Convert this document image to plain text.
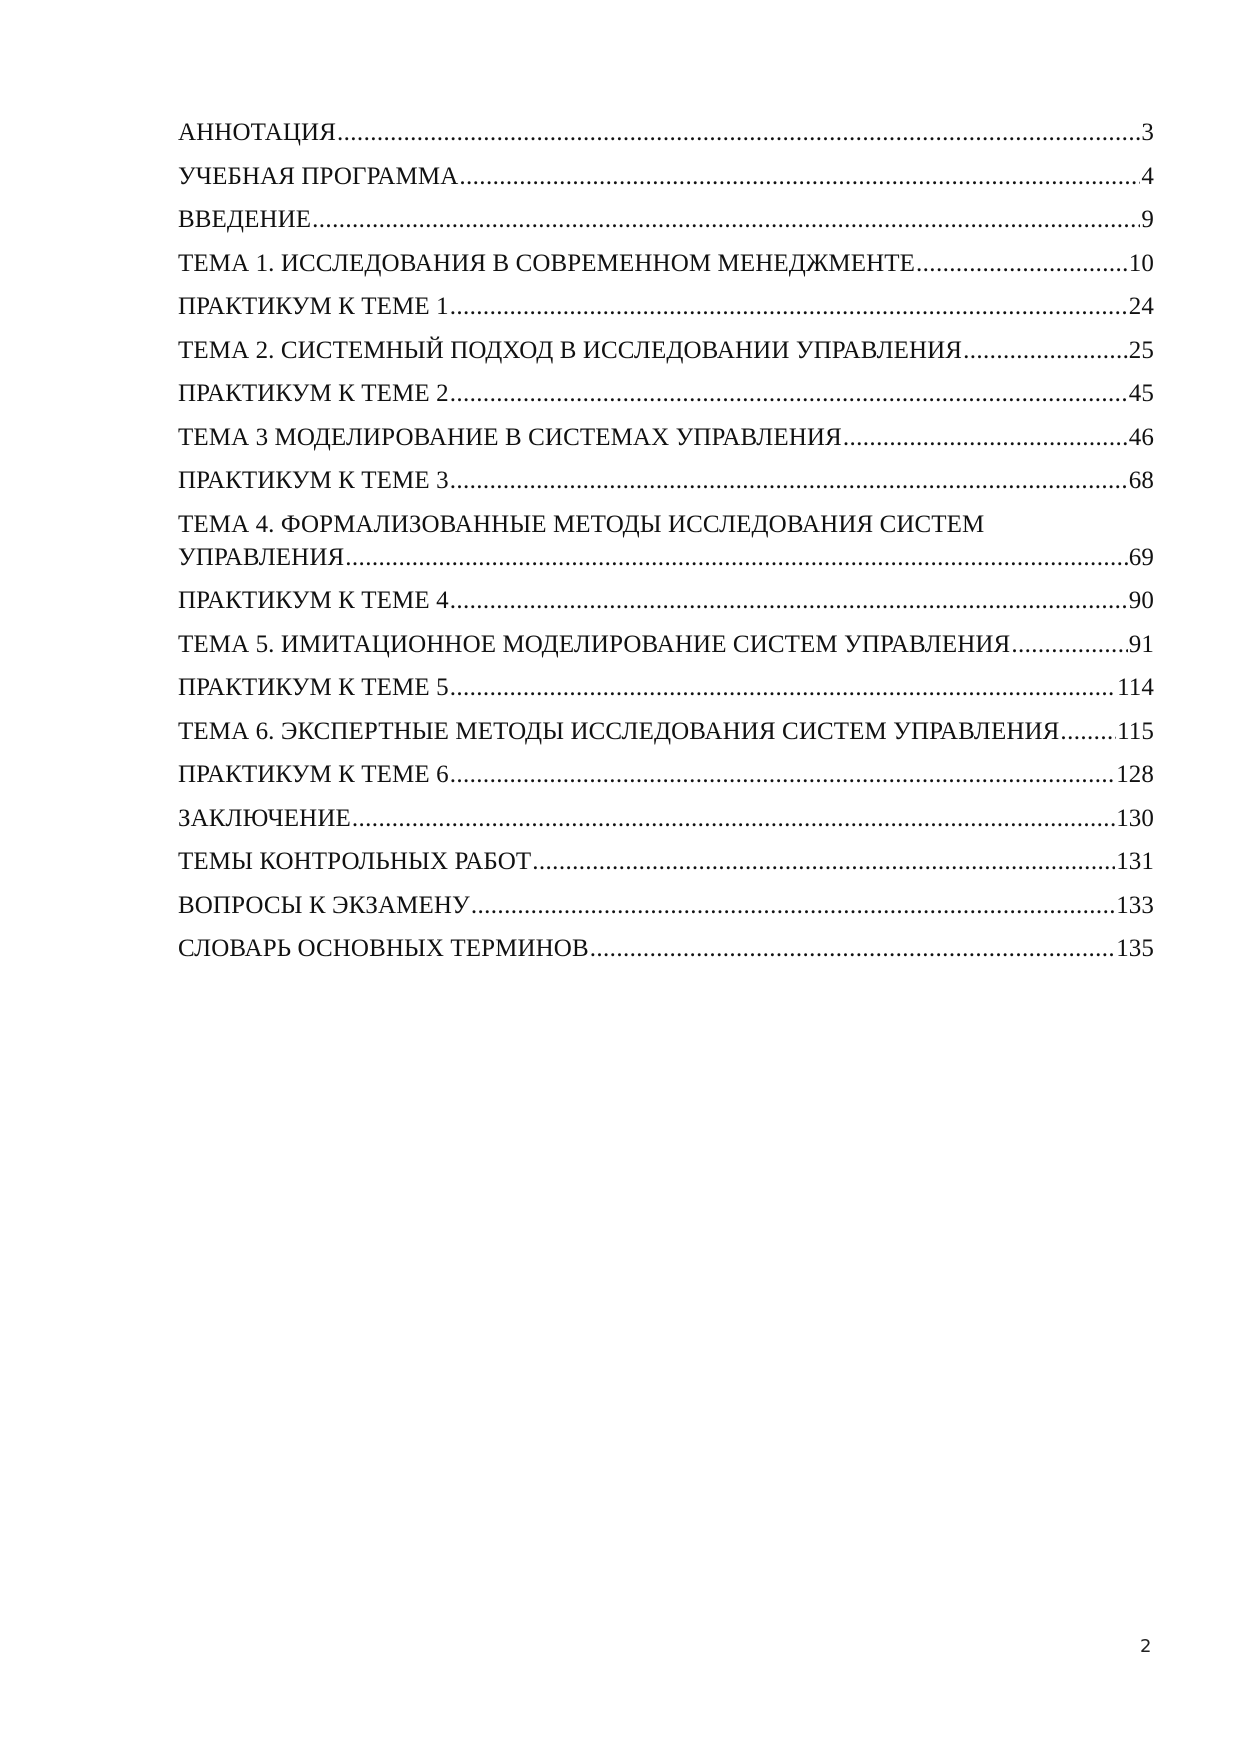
АННОТАЦИЯ .....	3
УЧЕБНАЯ ПРОГРАММА .....	4
ВВЕДЕНИЕ .....	9
ТЕМА 1. ИССЛЕДОВАНИЯ В СОВРЕМЕННОМ МЕНЕДЖМЕНТЕ .....	10
ПРАКТИКУМ К ТЕМЕ 1 .....	24
ТЕМА 2. СИСТЕМНЫЙ ПОДХОД В ИССЛЕДОВАНИИ УПРАВЛЕНИЯ .....	25
ПРАКТИКУМ К ТЕМЕ 2 .....	45
ТЕМА 3 МОДЕЛИРОВАНИЕ В СИСТЕМАХ УПРАВЛЕНИЯ .....	46
ПРАКТИКУМ К ТЕМЕ 3 .....	68
ТЕМА 4. ФОРМАЛИЗОВАННЫЕ МЕТОДЫ ИССЛЕДОВАНИЯ СИСТЕМ
УПРАВЛЕНИЯ .....	69
ПРАКТИКУМ К ТЕМЕ 4 .....	90
ТЕМА 5. ИМИТАЦИОННОЕ МОДЕЛИРОВАНИЕ СИСТЕМ УПРАВЛЕНИЯ .....	91
ПРАКТИКУМ К ТЕМЕ 5 .....	114
ТЕМА 6. ЭКСПЕРТНЫЕ МЕТОДЫ ИССЛЕДОВАНИЯ СИСТЕМ УПРАВЛЕНИЯ ..... 115
ПРАКТИКУМ К ТЕМЕ 6 .....	128
ЗАКЛЮЧЕНИЕ .....	130
ТЕМЫ КОНТРОЛЬНЫХ РАБОТ .....	131
ВОПРОСЫ К ЭКЗАМЕНУ .....	133
СЛОВАРЬ ОСНОВНЫХ ТЕРМИНОВ .....	135
2
